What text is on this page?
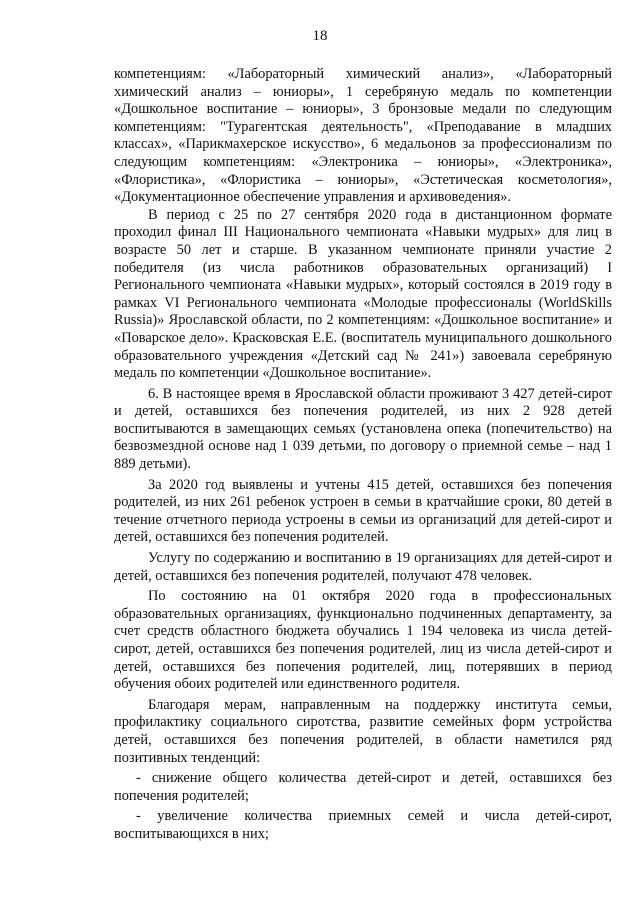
18

компетенциям: «Лабораторный химический анализ», «Лабораторный химический анализ – юниоры», 1 серебряную медаль по компетенции «Дошкольное воспитание – юниоры», 3 бронзовые медали по следующим компетенциям: "Турагентская деятельность", «Преподавание в младших классах», «Парикмахерское искусство», 6 медальонов за профессионализм по следующим компетенциям: «Электроника – юниоры», «Электроника», «Флористика», «Флористика – юниоры», «Эстетическая косметология», «Документационное обеспечение управления и архивоведения».

В период с 25 по 27 сентября 2020 года в дистанционном формате проходил финал III Национального чемпионата «Навыки мудрых» для лиц в возрасте 50 лет и старше. В указанном чемпионате приняли участие 2 победителя (из числа работников образовательных организаций) I Регионального чемпионата «Навыки мудрых», который состоялся в 2019 году в рамках VI Регионального чемпионата «Молодые профессионалы (WorldSkills Russia)» Ярославской области, по 2 компетенциям: «Дошкольное воспитание» и «Поварское дело». Красковская Е.Е. (воспитатель муниципального дошкольного образовательного учреждения «Детский сад № 241») завоевала серебряную медаль по компетенции «Дошкольное воспитание».

6. В настоящее время в Ярославской области проживают 3 427 детей-сирот и детей, оставшихся без попечения родителей, из них 2 928 детей воспитываются в замещающих семьях (установлена опека (попечительство) на безвозмездной основе над 1 039 детьми, по договору о приемной семье – над 1 889 детьми).

За 2020 год выявлены и учтены 415 детей, оставшихся без попечения родителей, из них 261 ребенок устроен в семьи в кратчайшие сроки, 80 детей в течение отчетного периода устроены в семьи из организаций для детей-сирот и детей, оставшихся без попечения родителей.

Услугу по содержанию и воспитанию в 19 организациях для детей-сирот и детей, оставшихся без попечения родителей, получают 478 человек.

По состоянию на 01 октября 2020 года в профессиональных образовательных организациях, функционально подчиненных департаменту, за счет средств областного бюджета обучались 1 194 человека из числа детей-сирот, детей, оставшихся без попечения родителей, лиц из числа детей-сирот и детей, оставшихся без попечения родителей, лиц, потерявших в период обучения обоих родителей или единственного родителя.

Благодаря мерам, направленным на поддержку института семьи, профилактику социального сиротства, развитие семейных форм устройства детей, оставшихся без попечения родителей, в области наметился ряд позитивных тенденций:

- снижение общего количества детей-сирот и детей, оставшихся без попечения родителей;

- увеличение количества приемных семей и числа детей-сирот, воспитывающихся в них;
